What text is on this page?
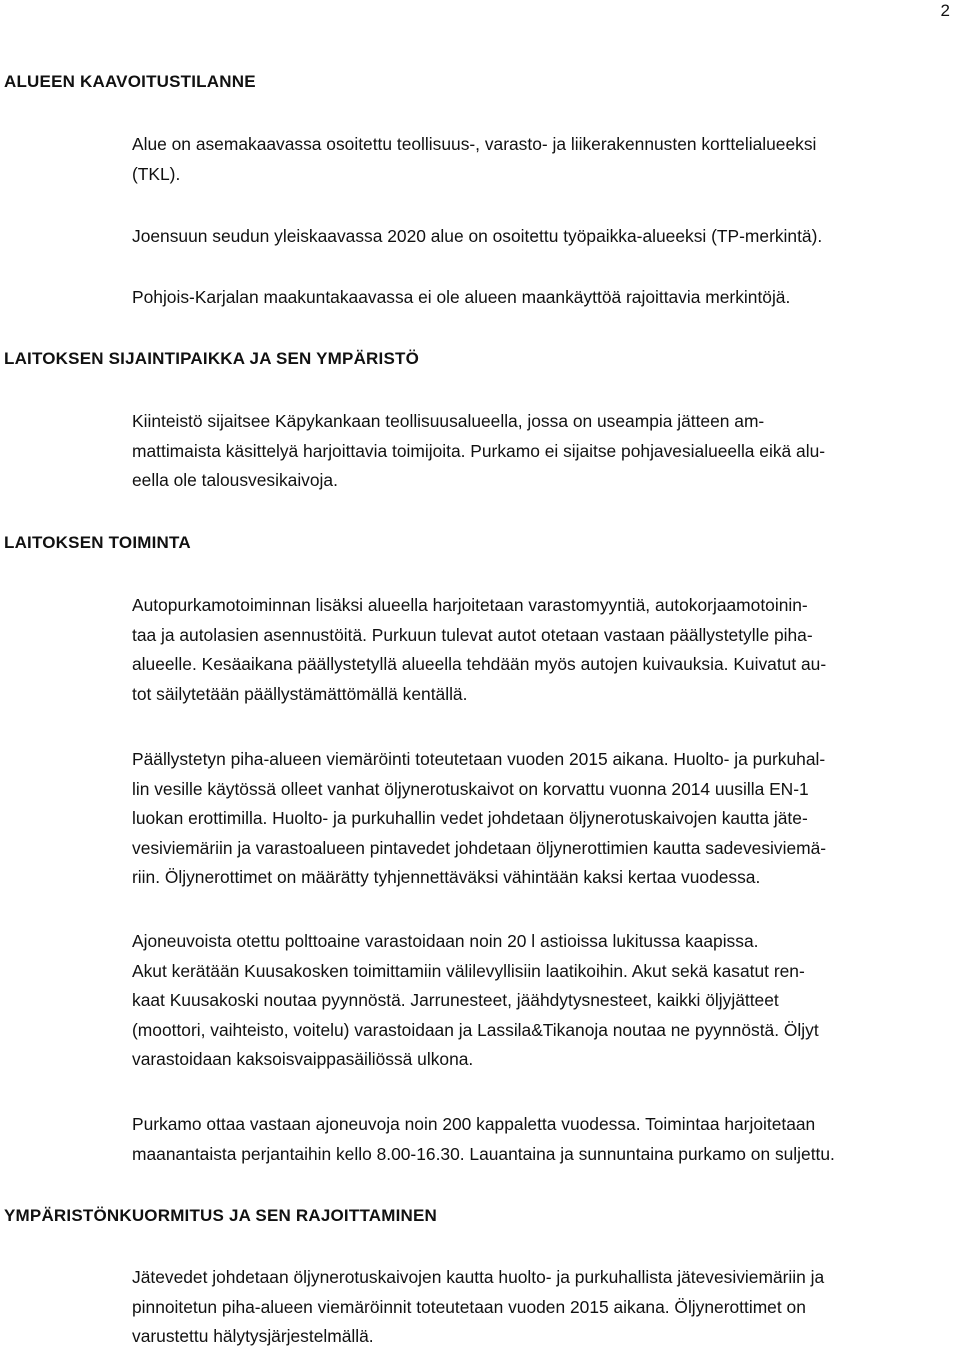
2
ALUEEN KAAVOITUSTILANNE

Alue on asemakaavassa osoitettu teollisuus-, varasto- ja liikerakennusten korttelialueeksi
(TKL).

Joensuun seudun yleiskaavassa 2020 alue on osoitettu työpaikka-alueeksi (TP-merkintä).

Pohjois-Karjalan maakuntakaavassa ei ole alueen maankäyttöä rajoittavia merkintöjä.

LAITOKSEN SIJAINTIPAIKKA JA SEN YMPÄRISTÖ

Kiinteistö sijaitsee Käpykankaan teollisuusalueella, jossa on useampia jätteen am-
mattimaista käsittelyä harjoittavia toimijoita. Purkamo ei sijaitse pohjavesialueella eikä alu-
eella ole talousvesikaivoja.

LAITOKSEN TOIMINTA

Autopurkamotoiminnan lisäksi alueella harjoitetaan varastomyyntiä, autokorjaamotoinin-
taa ja autolasien asennustöitä. Purkuun tulevat autot otetaan vastaan päällystetylle piha-
alueelle. Kesäaikana päällystetyllä alueella tehdään myös autojen kuivauksia. Kuivatut au-
tot säilytetään päällystämättömällä kentällä.

Päällystetyn piha-alueen viemäröinti toteutetaan vuoden 2015 aikana. Huolto- ja purkuhal-
lin vesille käytössä olleet vanhat öljynerotuskaivot on korvattu vuonna 2014 uusilla EN-1
luokan erottimilla. Huolto- ja purkuhallin vedet johdetaan öljynerotuskaivojen kautta jäte-
vesiviemäriin ja varastoalueen pintavedet johdetaan öljynerottimien kautta sadevesiviemä-
riin. Öljynerottimet on määrätty tyhjennettäväksi vähintään kaksi kertaa vuodessa.

Ajoneuvoista otettu polttoaine varastoidaan noin 20 l astioissa lukitussa kaapissa.
Akut kerätään Kuusakosken toimittamiin välilevyllisiin laatikoihin. Akut sekä kasatut ren-
kaat Kuusakoski noutaa pyynnöstä. Jarrunesteet, jäähdytysnesteet, kaikki öljyjätteet
(moottori, vaihteisto, voitelu) varastoidaan ja Lassila&Tikanoja noutaa ne pyynnöstä. Öljyt
varastoidaan kaksoisvaippasäiliössä ulkona.

Purkamo ottaa vastaan ajoneuvoja noin 200 kappaletta vuodessa. Toimintaa harjoitetaan
maanantaista perjantaihin kello 8.00-16.30. Lauantaina ja sunnuntaina purkamo on suljettu.

YMPÄRISTÖNKUORMITUS JA SEN RAJOITTAMINEN

Jätevedet johdetaan öljynerotuskaivojen kautta huolto- ja purkuhallista jätevesiviemäriin ja
pinnoitetun piha-alueen viemäröinnit toteutetaan vuoden 2015 aikana. Öljynerottimet on
varustettu hälytysjärjestelmällä.
